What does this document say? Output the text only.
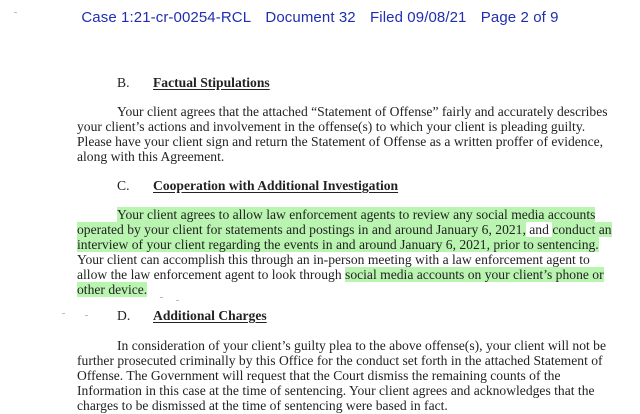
Case 1:21-cr-00254-RCL Document 32 Filed 09/08/21 Page 2 of 9
B. Factual Stipulations
Your client agrees that the attached “Statement of Offense” fairly and accurately describes
your client’s actions and involvement in the offense(s) to which your client is pleading guilty.
Please have your client sign and return the Statement of Offense as a written proffer of evidence,
along with this Agreement.
C. Cooperation with Additional Investigation
Your client agrees to allow law enforcement agents to review any social media accounts
operated by your client for statements and postings in and around January 6, 2021, and conduct an
interview of your client regarding the events in and around January 6, 2021, prior to sentencing.
Your client can accomplish this through an in-person meeting with a law enforcement agent to
allow the law enforcement agent to look through social media accounts on your client’s phone or
other device.
D. Additional Charges
In consideration of your client’s guilty plea to the above offense(s), your client will not be
further prosecuted criminally by this Office for the conduct set forth in the attached Statement of
Offense. The Government will request that the Court dismiss the remaining counts of the
Information in this case at the time of sentencing. Your client agrees and acknowledges that the
charges to be dismissed at the time of sentencing were based in fact.
